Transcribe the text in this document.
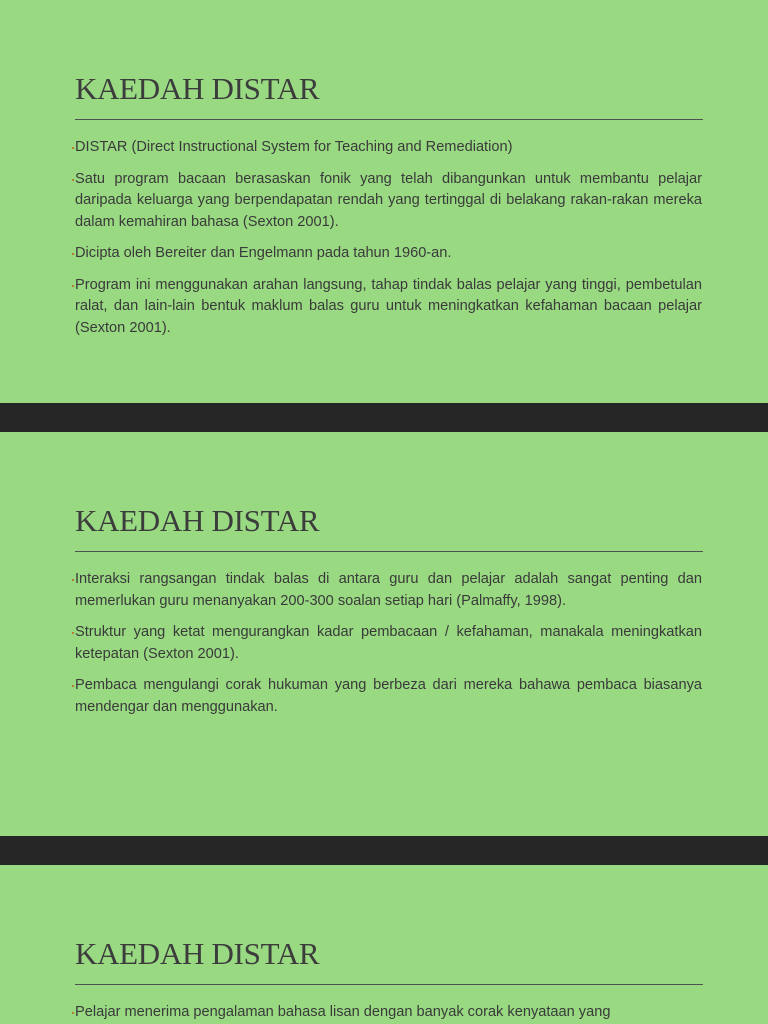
KAEDAH DISTAR
DISTAR (Direct Instructional System for Teaching and Remediation)
Satu program bacaan berasaskan fonik yang telah dibangunkan untuk membantu pelajar daripada keluarga yang berpendapatan rendah yang tertinggal di belakang rakan-rakan mereka dalam kemahiran bahasa (Sexton 2001).
Dicipta oleh Bereiter dan Engelmann pada tahun 1960-an.
Program ini menggunakan arahan langsung, tahap tindak balas pelajar yang tinggi, pembetulan ralat, dan lain-lain bentuk maklum balas guru untuk meningkatkan kefahaman bacaan pelajar (Sexton 2001).
KAEDAH DISTAR
Interaksi rangsangan tindak balas di antara guru dan pelajar adalah sangat penting dan memerlukan guru menanyakan 200-300 soalan setiap hari (Palmaffy, 1998).
Struktur yang ketat mengurangkan kadar pembacaan / kefahaman, manakala meningkatkan ketepatan (Sexton 2001).
Pembaca mengulangi corak hukuman yang berbeza dari mereka bahawa pembaca biasanya mendengar dan menggunakan.
KAEDAH DISTAR
Pelajar menerima pengalaman bahasa lisan dengan banyak corak kenyataan yang
